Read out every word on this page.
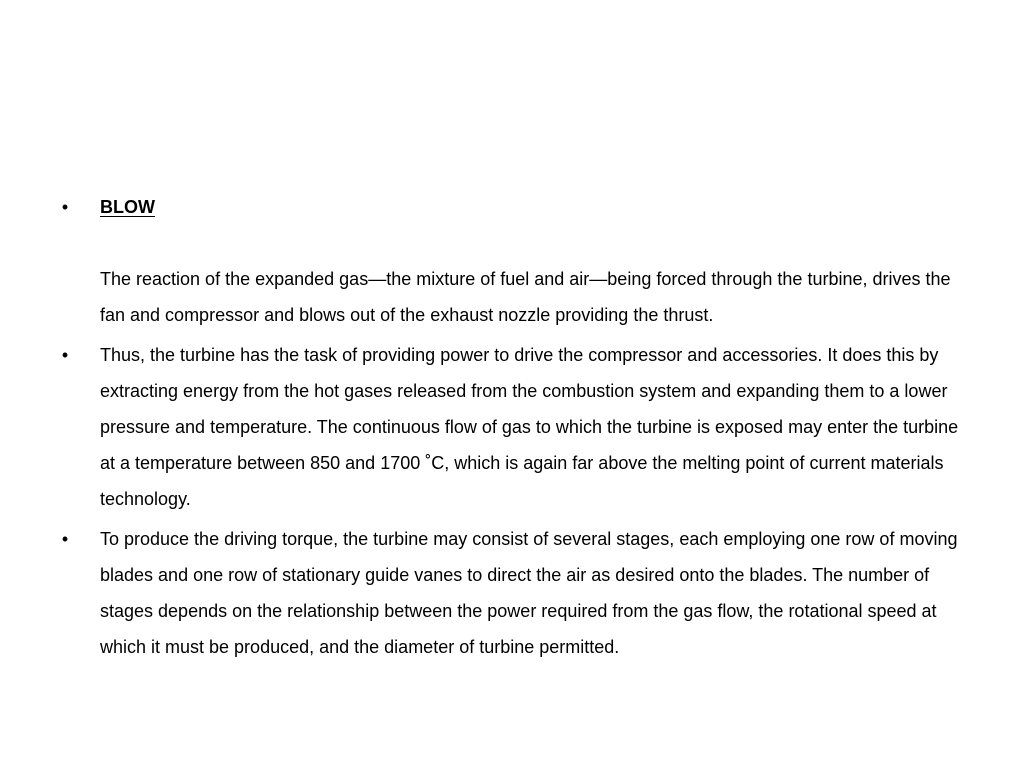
• BLOW
The reaction of the expanded gas—the mixture of fuel and air—being forced through the turbine, drives the fan and compressor and blows out of the exhaust nozzle providing the thrust.
• Thus, the turbine has the task of providing power to drive the compressor and accessories. It does this by extracting energy from the hot gases released from the combustion system and expanding them to a lower pressure and temperature. The continuous flow of gas to which the turbine is exposed may enter the turbine at a temperature between 850 and 1700 ˚C, which is again far above the melting point of current materials technology.
• To produce the driving torque, the turbine may consist of several stages, each employing one row of moving blades and one row of stationary guide vanes to direct the air as desired onto the blades. The number of stages depends on the relationship between the power required from the gas flow, the rotational speed at which it must be produced, and the diameter of turbine permitted.
